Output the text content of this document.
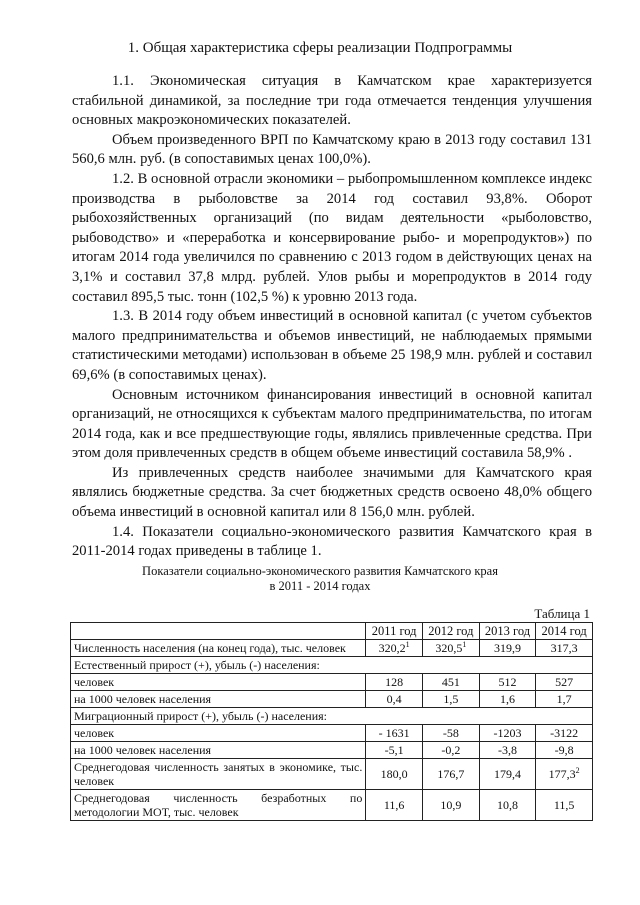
1. Общая характеристика сферы реализации Подпрограммы

1.1. Экономическая ситуация в Камчатском крае характеризуется стабильной динамикой, за последние три года отмечается тенденция улучшения основных макроэкономических показателей.

Объем произведенного ВРП по Камчатскому краю в 2013 году составил 131 560,6 млн. руб. (в сопоставимых ценах 100,0%).

1.2. В основной отрасли экономики – рыбопромышленном комплексе индекс производства в рыболовстве за 2014 год составил 93,8%. Оборот рыбохозяйственных организаций (по видам деятельности «рыболовство, рыбоводство» и «переработка и консервирование рыбо- и морепродуктов») по итогам 2014 года увеличился по сравнению с 2013 годом в действующих ценах на 3,1% и составил 37,8 млрд. рублей. Улов рыбы и морепродуктов в 2014 году составил 895,5 тыс. тонн (102,5 %) к уровню 2013 года.

1.3. В 2014 году объем инвестиций в основной капитал (с учетом субъектов малого предпринимательства и объемов инвестиций, не наблюдаемых прямыми статистическими методами) использован в объеме 25 198,9 млн. рублей и составил 69,6% (в сопоставимых ценах).

Основным источником финансирования инвестиций в основной капитал организаций, не относящихся к субъектам малого предпринимательства, по итогам 2014 года, как и все предшествующие годы, являлись привлеченные средства. При этом доля привлеченных средств в общем объеме инвестиций составила 58,9% .

Из привлеченных средств наиболее значимыми для Камчатского края являлись бюджетные средства. За счет бюджетных средств освоено 48,0% общего объема инвестиций в основной капитал или 8 156,0 млн. рублей.

1.4. Показатели социально-экономического развития Камчатского края в 2011-2014 годах приведены в таблице 1.

Показатели социально-экономического развития Камчатского края
в 2011 - 2014 годах
Таблица 1
	2011 год	2012 год	2013 год	2014 год
Численность населения (на конец года), тыс. человек	320,2$^1$	320,5$^1$	319,9	317,3
Естественный прирост (+), убыль (-) населения:				
человек	128	451	512	527
на 1000 человек населения	0,4	1,5	1,6	1,7
Миграционный прирост (+), убыль (-) населения:				
человек	- 1631	-58	-1203	-3122
на 1000 человек населения	-5,1	-0,2	-3,8	-9,8
Среднегодовая численность занятых в экономике, тыс. человек	180,0	176,7	179,4	177,3$^2$
Среднегодовая численность безработных по методологии МОТ, тыс. человек	11,6	10,9	10,8	11,5
